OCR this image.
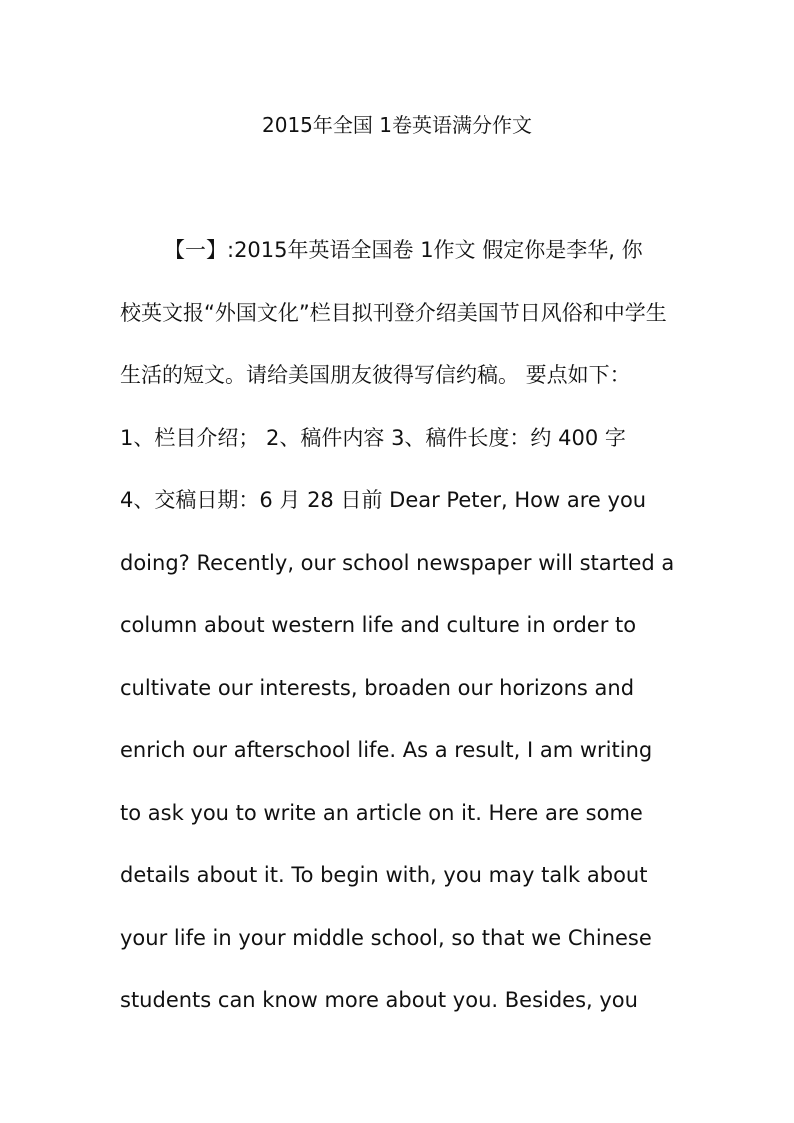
2015年全国 1卷英语满分作文
【一】:2015年英语全国卷 1作文 假定你是李华, 你
校英文报“外国文化”栏目拟刊登介绍美国节日风俗和中学生
生活的短文。请给美国朋友彼得写信约稿。 要点如下：
1、栏目介绍； 2、稿件内容 3、稿件长度：约 400 字
4、交稿日期：6 月 28 日前 Dear Peter, How are you
doing? Recently, our school newspaper will started a
column about western life and culture in order to
cultivate our interests, broaden our horizons and
enrich our afterschool life. As a result, I am writing
to ask you to write an article on it. Here are some
details about it. To begin with, you may talk about
your life in your middle school, so that we Chinese
students can know more about you. Besides, you
